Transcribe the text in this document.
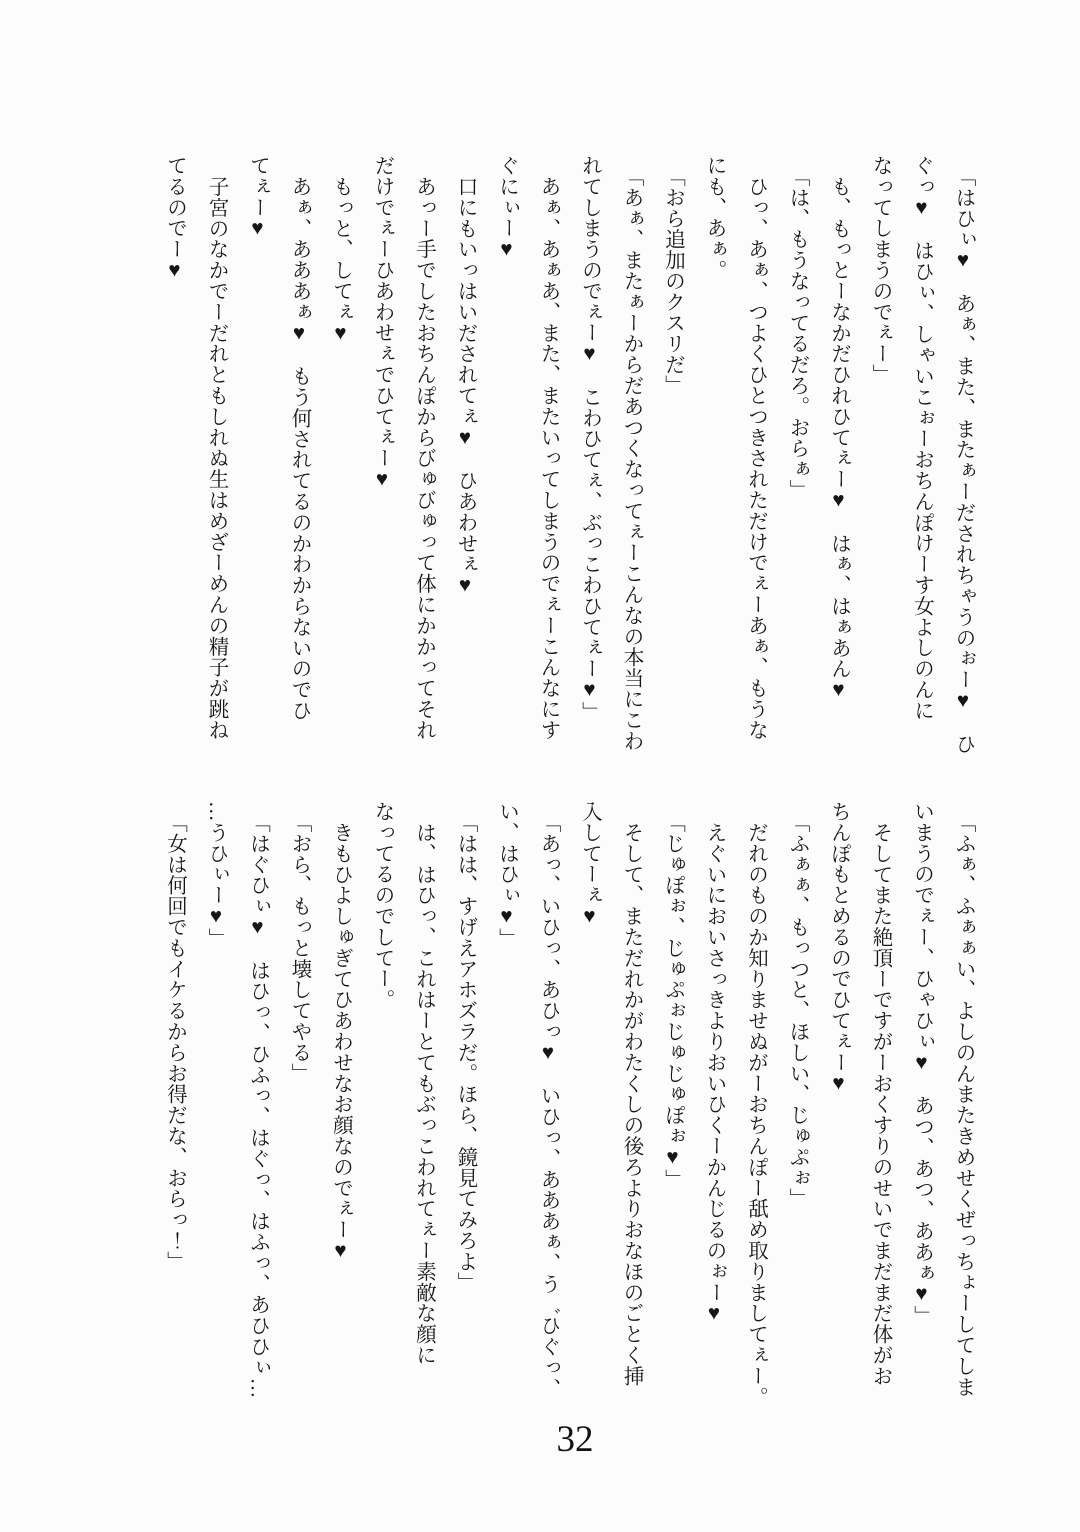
「はひぃ♥　あぁ、また、またぁーだされちゃうのぉー♥　ひ

ぐっ♥　はひぃ、しゃいこぉーおちんぽけーす女よしのんに

なってしまうのでぇー」

も、もっとーなかだひれひてぇー♥　はぁ、はぁあん♥

「は、もうなってるだろ。おらぁ」

ひっ、あぁ、つよくひとつきされただけでぇーあぁ、もうな

にも、あぁ。

「おら追加のクスリだ」

「あぁ、またぁーからだあつくなってぇーこんなの本当にこわ

れてしまうのでぇー♥　こわひてぇ、ぶっこわひてぇー♥」

あぁ、あぁあ、また、またいってしまうのでぇーこんなにす

ぐにぃー♥

口にもいっはいだされてぇ♥　ひあわせぇ♥

あっー手でしたおちんぽからびゅびゅって体にかかってそれ

だけでぇーひあわせぇでひてぇー♥

もっと、してぇ♥

あぁ、あああぁ♥　もう何されてるのかわからないのでひ

てぇー♥

子宮のなかでーだれともしれぬ生はめざーめんの精子が跳ね

てるのでー♥

「ふぁ、ふぁぁい、よしのんまたきめせくぜっちょーしてしま

いまうのでぇー、ひゃひぃ♥　あつ、あつ、ああぁ♥」

そしてまた絶頂ーですがーおくすりのせいでまだまだ体がお

ちんぽもとめるのでひてぇー♥

「ふぁぁ、もっつと、ほしい、じゅぷぉ」

だれのものか知りませぬがーおちんぽー舐め取りましてぇー。

えぐいにおいさっきよりおいひくーかんじるのぉー♥

「じゅぽぉ、じゅぷぉじゅじゅぽぉ♥」

そして、まただれかがわたくしの後ろよりおなほのごとく挿

入してーぇ♥

「あっ、いひっ、あひっ♥　いひっ、あああぁ、う゛ひぐっ、

い、はひぃ♥」

「はは、すげえアホズラだ。ほら、鏡見てみろよ」

は、はひっ、これはーとてもぶっこわれてぇー素敵な顔に

なってるのでしてー。

きもひよしゅぎてひあわせなお顔なのでぇー♥

「おら、もっと壊してやる」

「はぐひぃ♥　はひっ、ひふっ、はぐっ、はふっ、あひひぃ…

…うひぃー♥」

「女は何回でもイケるからお得だな、おらっ！」

32
